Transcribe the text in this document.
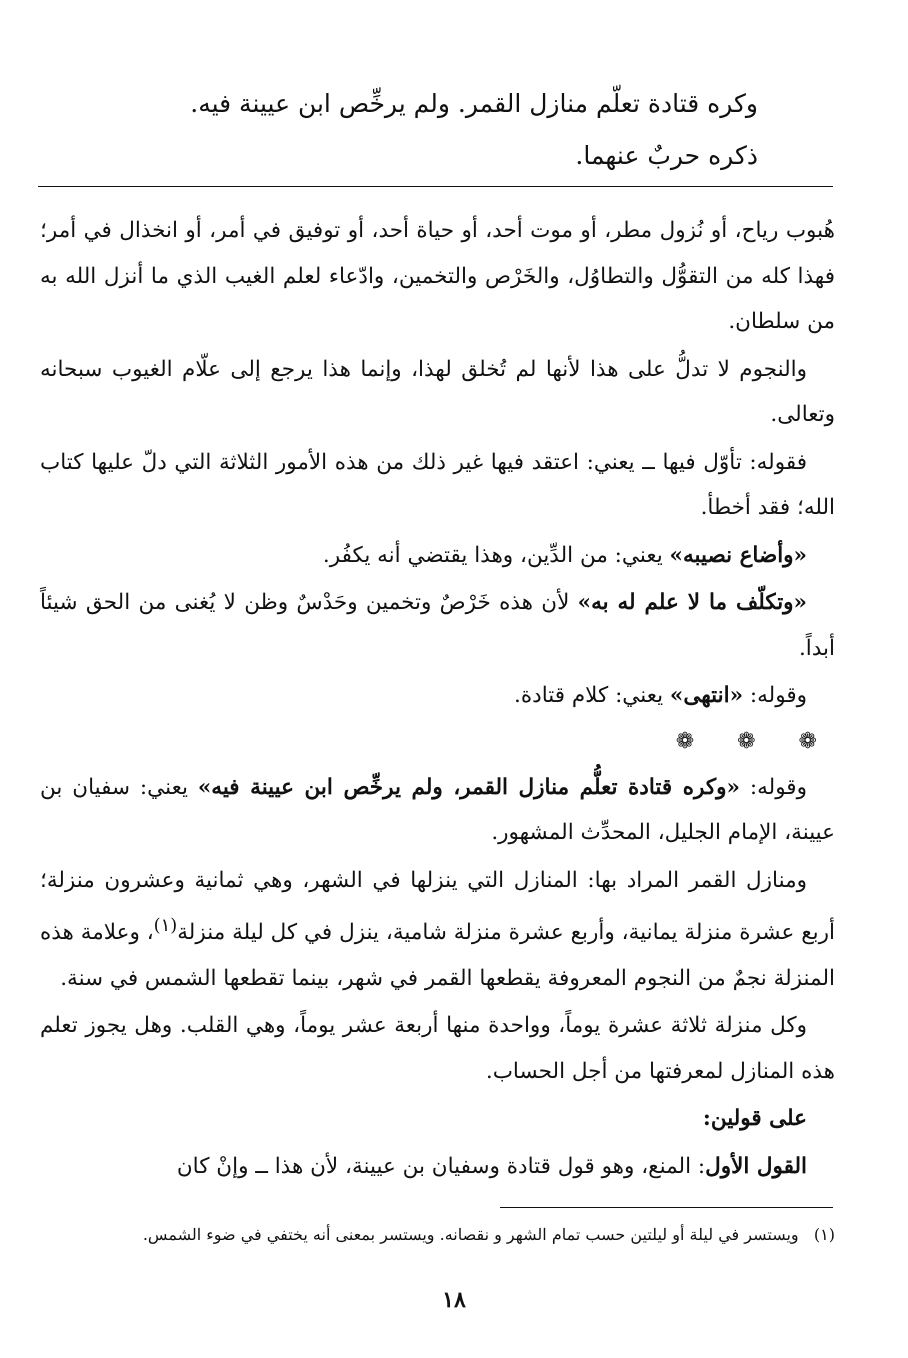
وكره قتادة تعلّم منازل القمر. ولم يرخِّص ابن عيينة فيه.
ذكره حربٌ عنهما.

هُبوب رياح، أو نُزول مطر، أو موت أحد، أو حياة أحد، أو توفيق في أمر، أو انخذال في أمر؛ فهذا كله من التقوُّل والتطاوُل، والخَرْص والتخمين، وادّعاء لعلم الغيب الذي ما أنزل الله به من سلطان.

والنجوم لا تدلُّ على هذا لأنها لم تُخلق لهذا، وإنما هذا يرجع إلى علّام الغيوب سبحانه وتعالى.

فقوله: تأوّل فيها ــ يعني: اعتقد فيها غير ذلك من هذه الأمور الثلاثة التي دلّ عليها كتاب الله؛ فقد أخطأ.

«وأضاع نصيبه» يعني: من الدِّين، وهذا يقتضي أنه يكفُر.

«وتكلّف ما لا علم له به» لأن هذه خَرْصٌ وتخمين وحَدْسٌ وظن لا يُغنى من الحق شيئاً أبداً.

وقوله: «انتهى» يعني: كلام قتادة.

❁ ❁ ❁

وقوله: «وكره قتادة تعلُّم منازل القمر، ولم يرخِّص ابن عيينة فيه» يعني: سفيان بن عيينة، الإمام الجليل، المحدِّث المشهور.

ومنازل القمر المراد بها: المنازل التي ينزلها في الشهر، وهي ثمانية وعشرون منزلة؛ أربع عشرة منزلة يمانية، وأربع عشرة منزلة شامية، ينزل في كل ليلة منزلة$^{(١)}$، وعلامة هذه المنزلة نجمٌ من النجوم المعروفة يقطعها القمر في شهر، بينما تقطعها الشمس في سنة.

وكل منزلة ثلاثة عشرة يوماً، وواحدة منها أربعة عشر يوماً، وهي القلب. وهل يجوز تعلم هذه المنازل لمعرفتها من أجل الحساب.

على قولين:

القول الأول: المنع، وهو قول قتادة وسفيان بن عيينة، لأن هذا ــ وإنْ كان

(١)   ويستسر في ليلة أو ليلتين حسب تمام الشهر و نقصانه. ويستسر بمعنى أنه يختفي في ضوء الشمس.
١٨
